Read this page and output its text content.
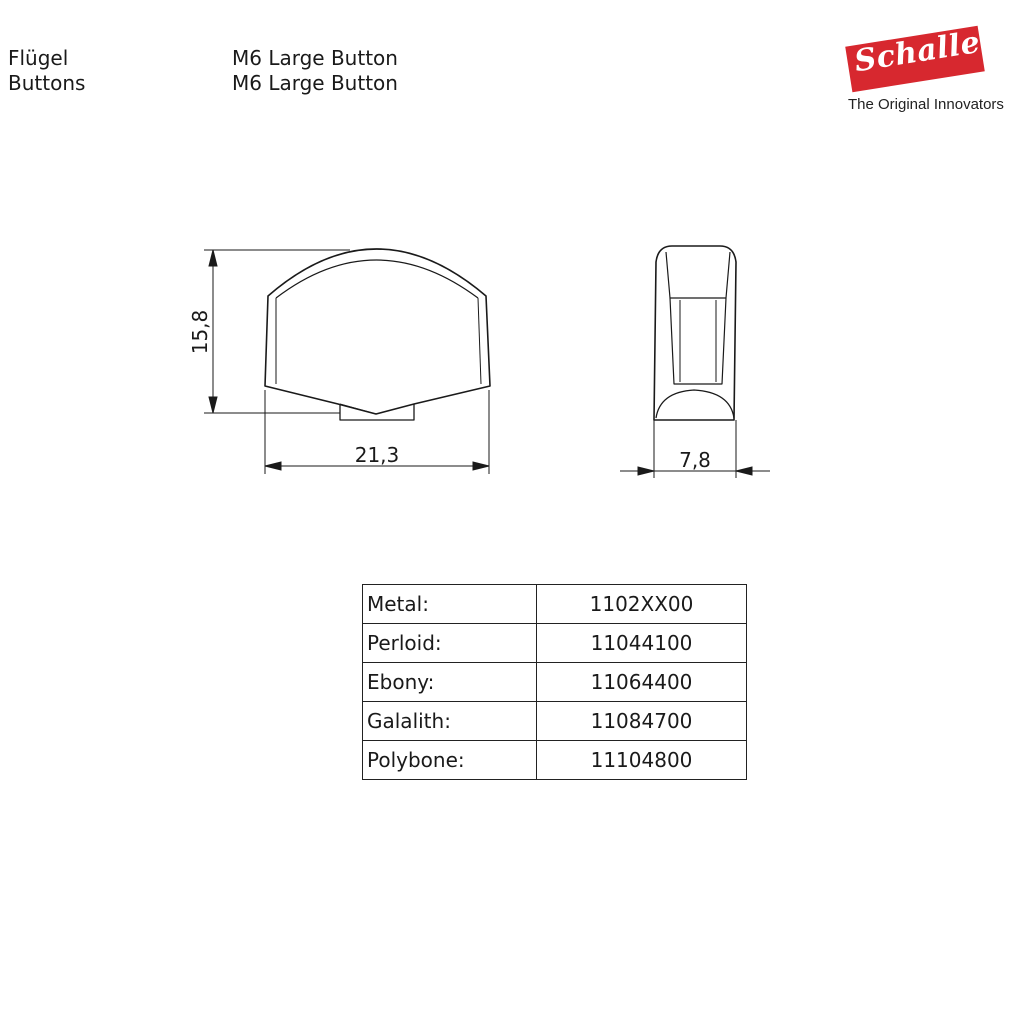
Flügel
Buttons
M6 Large Button
M6 Large Button
Schaller
The Original Innovators
15,8
21,3	7,8
Metal:	1102XX00
Perloid:	11044100
Ebony:	11064400
Galalith:	11084700
Polybone:	11104800
